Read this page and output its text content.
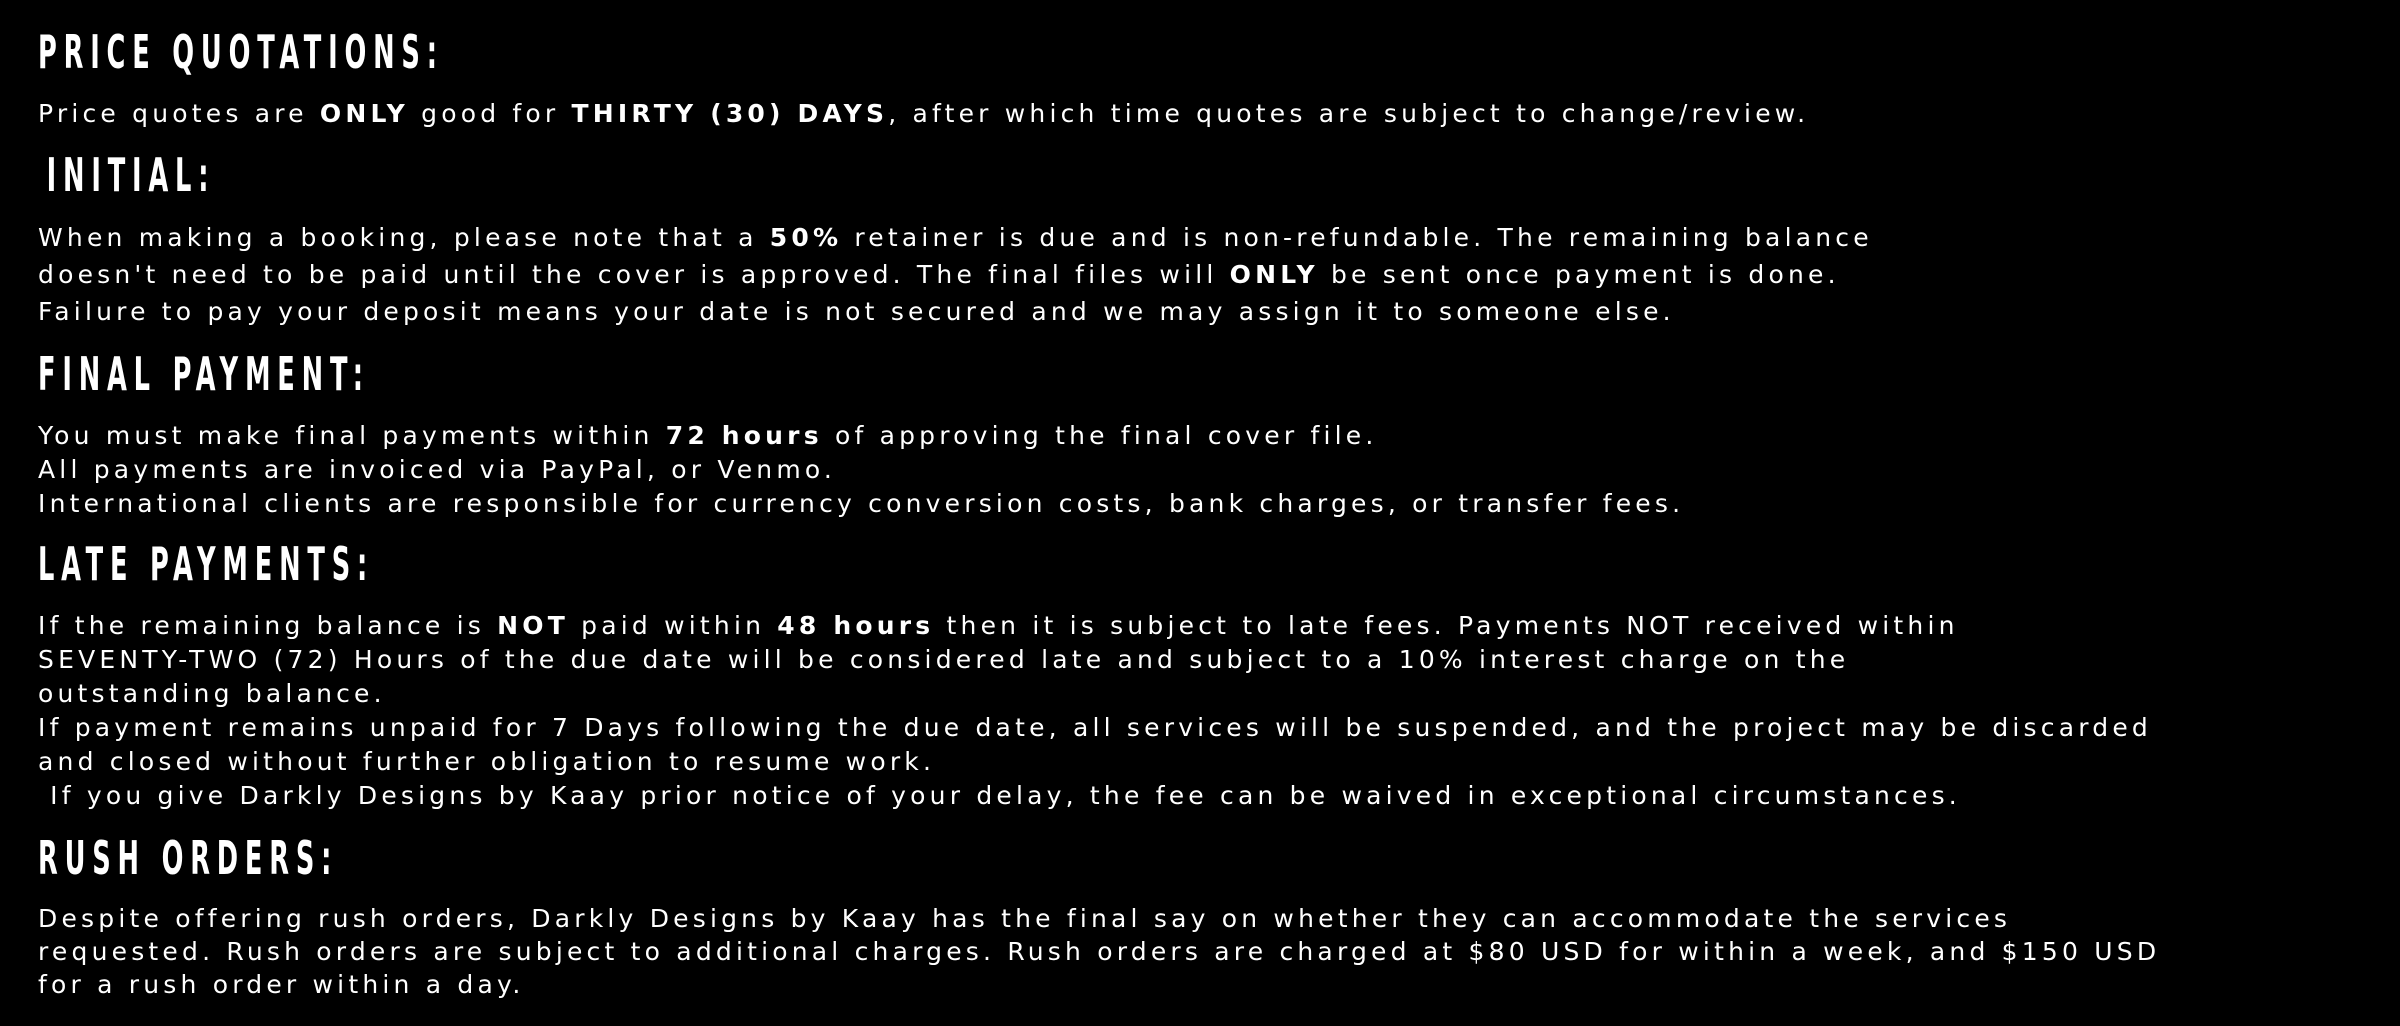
PRICE QUOTATIONS:

Price quotes are ONLY good for THIRTY (30) DAYS, after which time quotes are subject to change/review.

INITIAL:

When making a booking, please note that a 50% retainer is due and is non-refundable. The remaining balance
doesn't need to be paid until the cover is approved. The final files will ONLY be sent once payment is done.
Failure to pay your deposit means your date is not secured and we may assign it to someone else.

FINAL PAYMENT:

You must make final payments within 72 hours of approving the final cover file.
All payments are invoiced via PayPal, or Venmo.
International clients are responsible for currency conversion costs, bank charges, or transfer fees.

LATE PAYMENTS:

If the remaining balance is NOT paid within 48 hours then it is subject to late fees. Payments NOT received within
SEVENTY-TWO (72) Hours of the due date will be considered late and subject to a 10% interest charge on the
outstanding balance.
If payment remains unpaid for 7 Days following the due date, all services will be suspended, and the project may be discarded
and closed without further obligation to resume work.
If you give Darkly Designs by Kaay prior notice of your delay, the fee can be waived in exceptional circumstances.

RUSH ORDERS:

Despite offering rush orders, Darkly Designs by Kaay has the final say on whether they can accommodate the services
requested. Rush orders are subject to additional charges. Rush orders are charged at $80 USD for within a week, and $150 USD
for a rush order within a day.
